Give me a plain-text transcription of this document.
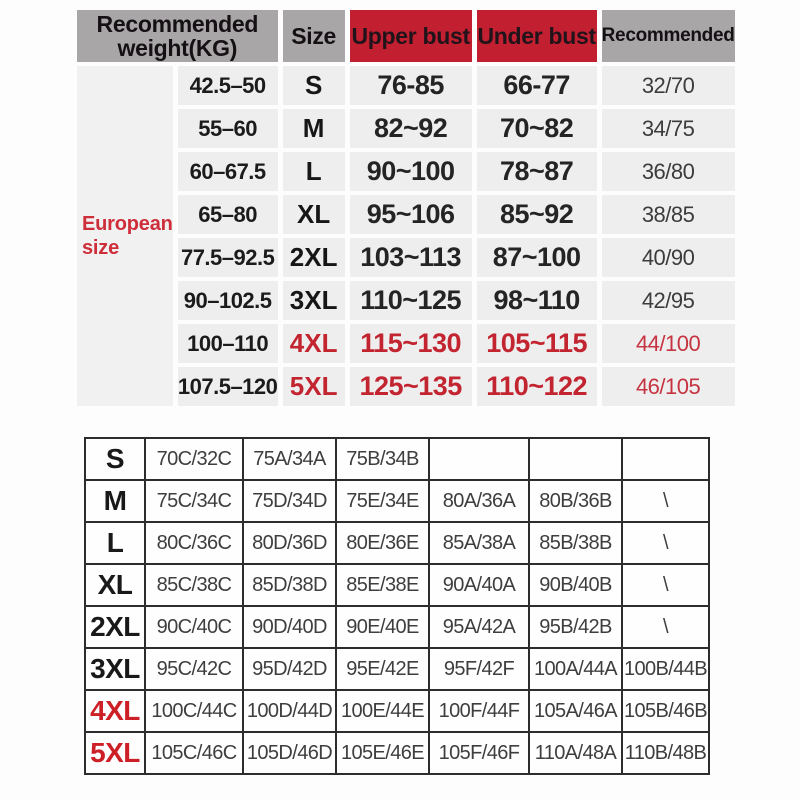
Recommended weight(KG)		Size	Upper bust	Under bust	Recommended
European size	42.5–50	S	76-85	66-77	32/70
	55–60	M	82~92	70~82	34/75
	60–67.5	L	90~100	78~87	36/80
	65–80	XL	95~106	85~92	38/85
	77.5–92.5	2XL	103~113	87~100	40/90
	90–102.5	3XL	110~125	98~110	42/95
	100–110	4XL	115~130	105~115	44/100
	107.5–120	5XL	125~135	110~122	46/105
S	70C/32C	75A/34A	75B/34B			
M	75C/34C	75D/34D	75E/34E	80A/36A	80B/36B	\
L	80C/36C	80D/36D	80E/36E	85A/38A	85B/38B	\
XL	85C/38C	85D/38D	85E/38E	90A/40A	90B/40B	\
2XL	90C/40C	90D/40D	90E/40E	95A/42A	95B/42B	\
3XL	95C/42C	95D/42D	95E/42E	95F/42F	100A/44A	100B/44B
4XL	100C/44C	100D/44D	100E/44E	100F/44F	105A/46A	105B/46B
5XL	105C/46C	105D/46D	105E/46E	105F/46F	110A/48A	110B/48B
